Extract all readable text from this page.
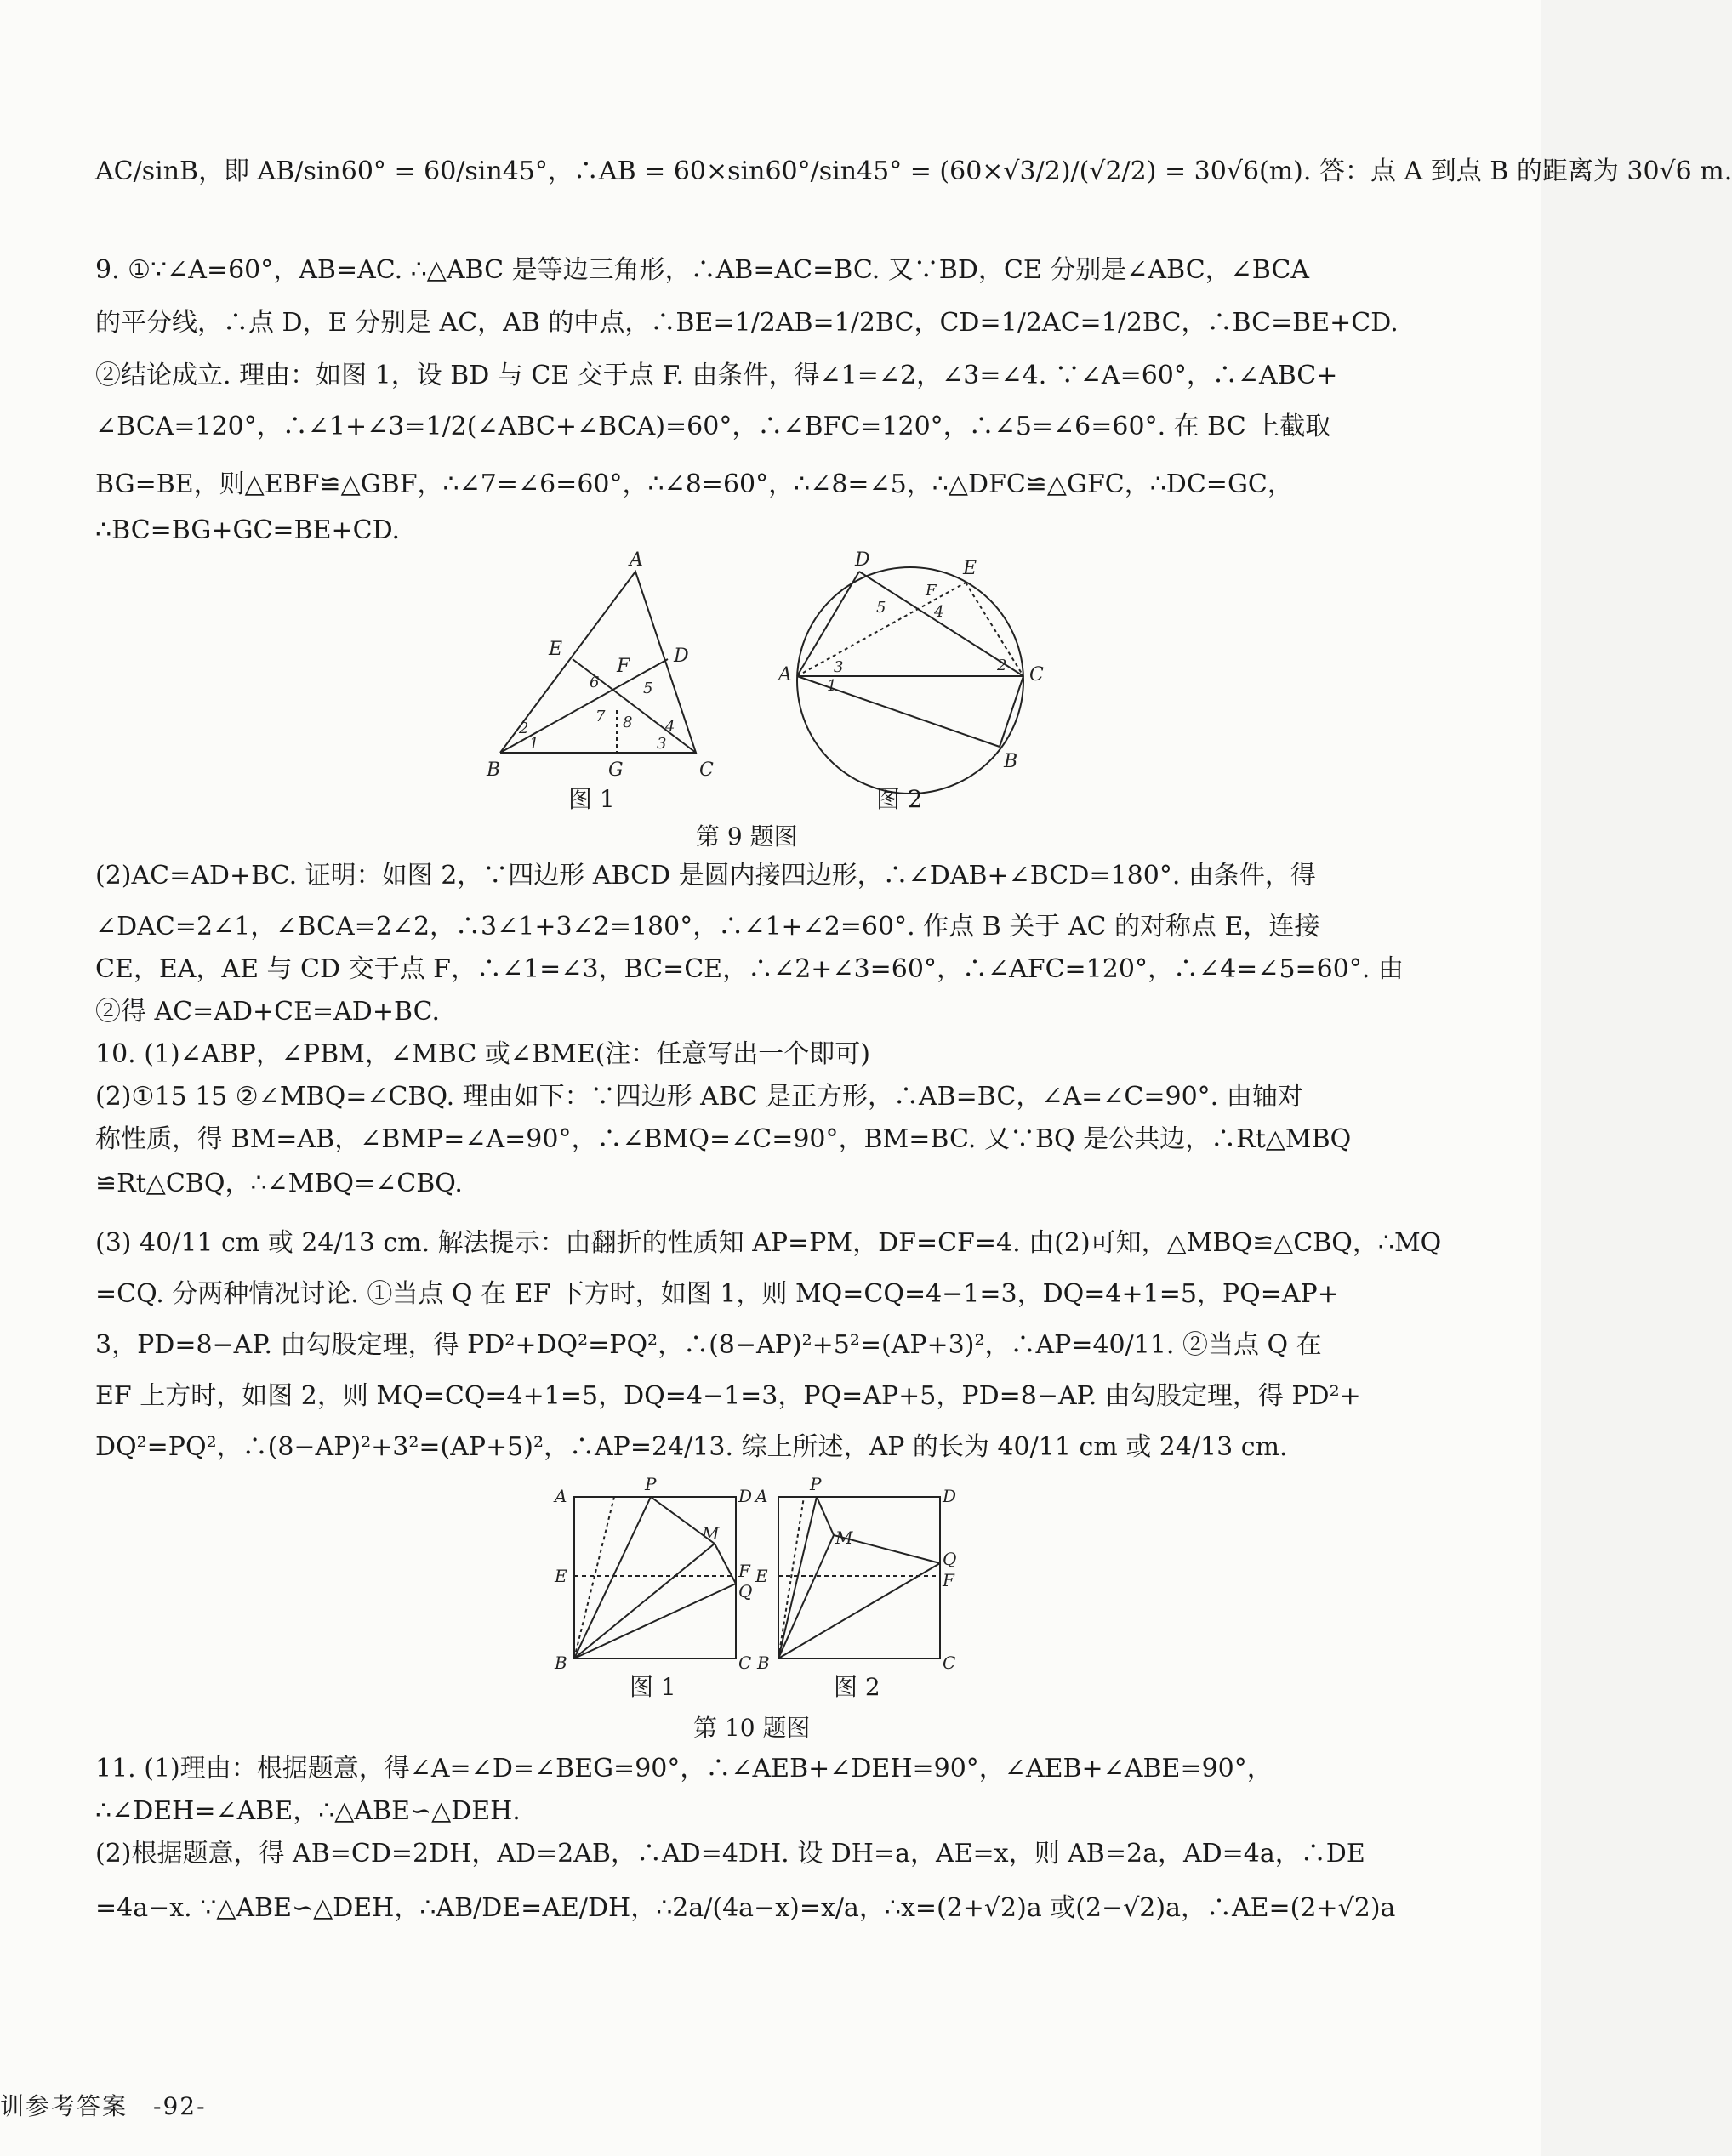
AC/sinB，即 AB/sin60° = 60/sin45°，∴AB = 60×sin60°/sin45° = (60×√3/2)/(√2/2) = 30√6(m). 答：点 A 到点 B 的距离为 30√6 m.
9. ①∵∠A=60°，AB=AC. ∴△ABC 是等边三角形，∴AB=AC=BC. 又∵BD，CE 分别是∠ABC，∠BCA
的平分线，∴点 D，E 分别是 AC，AB 的中点，∴BE=1/2AB=1/2BC，CD=1/2AC=1/2BC，∴BC=BE+CD.
②结论成立. 理由：如图 1，设 BD 与 CE 交于点 F. 由条件，得∠1=∠2，∠3=∠4. ∵∠A=60°，∴∠ABC+
∠BCA=120°，∴∠1+∠3=1/2(∠ABC+∠BCA)=60°，∴∠BFC=120°，∴∠5=∠6=60°. 在 BC 上截取
BG=BE，则△EBF≌△GBF，∴∠7=∠6=60°，∴∠8=60°，∴∠8=∠5，∴△DFC≌△GFC，∴DC=GC，
∴BC=BG+GC=BE+CD.
A
E	D
F
B	G	C
1
2
3
4
5
6
7 8
D	E
F
5	4
A	3
1
2 C
B
图 1	图 2
第 9 题图
(2)AC=AD+BC. 证明：如图 2，∵四边形 ABCD 是圆内接四边形，∴∠DAB+∠BCD=180°. 由条件，得
∠DAC=2∠1，∠BCA=2∠2，∴3∠1+3∠2=180°，∴∠1+∠2=60°. 作点 B 关于 AC 的对称点 E，连接
CE，EA，AE 与 CD 交于点 F，∴∠1=∠3，BC=CE，∴∠2+∠3=60°，∴∠AFC=120°，∴∠4=∠5=60°. 由
②得 AC=AD+CE=AD+BC.
10. (1)∠ABP，∠PBM，∠MBC 或∠BME(注：任意写出一个即可)
(2)①15 15 ②∠MBQ=∠CBQ. 理由如下：∵四边形 ABC 是正方形，∴AB=BC，∠A=∠C=90°. 由轴对
称性质，得 BM=AB，∠BMP=∠A=90°，∴∠BMQ=∠C=90°，BM=BC. 又∵BQ 是公共边，∴Rt△MBQ
≌Rt△CBQ，∴∠MBQ=∠CBQ.
(3) 40/11 cm 或 24/13 cm. 解法提示：由翻折的性质知 AP=PM，DF=CF=4. 由(2)可知，△MBQ≌△CBQ，∴MQ
=CQ. 分两种情况讨论. ①当点 Q 在 EF 下方时，如图 1，则 MQ=CQ=4−1=3，DQ=4+1=5，PQ=AP+
3，PD=8−AP. 由勾股定理，得 PD²+DQ²=PQ²，∴(8−AP)²+5²=(AP+3)²，∴AP=40/11. ②当点 Q 在
EF 上方时，如图 2，则 MQ=CQ=4+1=5，DQ=4−1=3，PQ=AP+5，PD=8−AP. 由勾股定理，得 PD²+
DQ²=PQ²，∴(8−AP)²+3²=(AP+5)²，∴AP=24/13. 综上所述，AP 的长为 40/11 cm 或 24/13 cm.
A
P
D
M
E	F
Q
B	C
A
P
D
M
Q
E	F
B	C
图 1	图 2
第 10 题图
11. (1)理由：根据题意，得∠A=∠D=∠BEG=90°，∴∠AEB+∠DEH=90°，∠AEB+∠ABE=90°，
∴∠DEH=∠ABE，∴△ABE∽△DEH.
(2)根据题意，得 AB=CD=2DH，AD=2AB，∴AD=4DH. 设 DH=a，AE=x，则 AB=2a，AD=4a，∴DE
=4a−x. ∵△ABE∽△DEH，∴AB/DE=AE/DH，∴2a/(4a−x)=x/a，∴x=(2+√2)a 或(2−√2)a，∴AE=(2+√2)a
训参考答案　-92-
